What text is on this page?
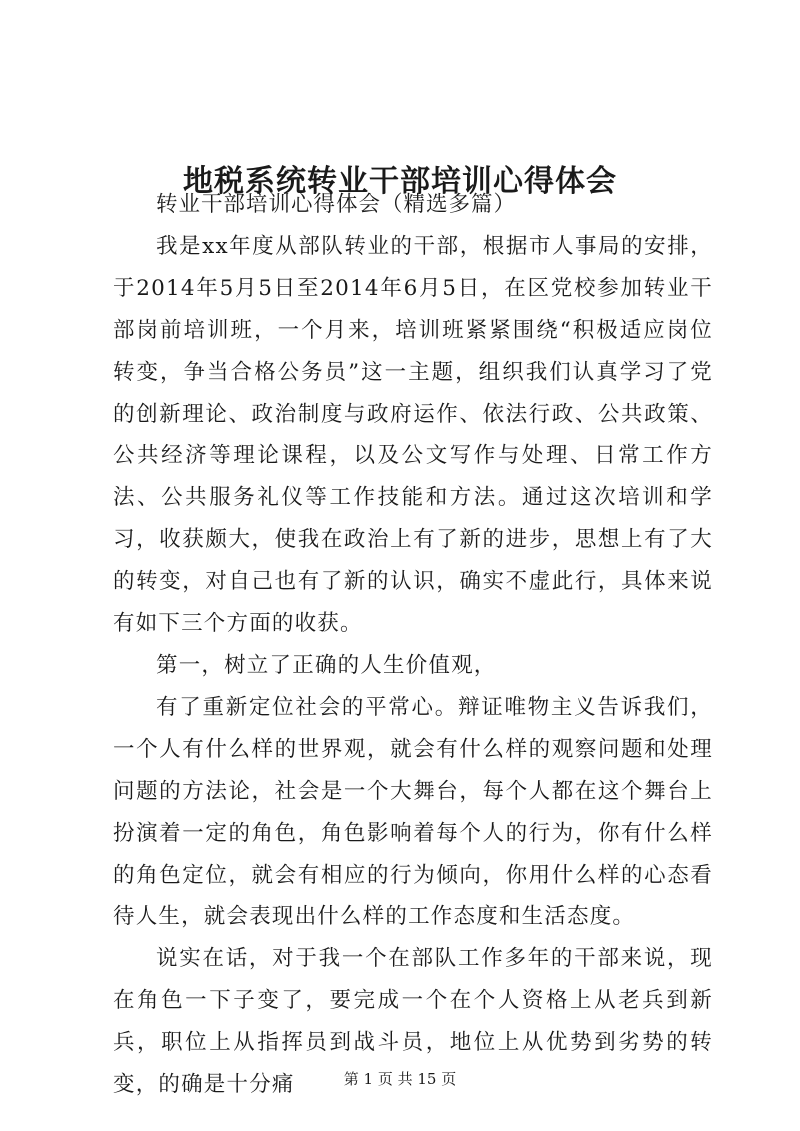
地税系统转业干部培训心得体会

转业干部培训心得体会（精选多篇）

我是xx年度从部队转业的干部，根据市人事局的安排，于2014年5月5日至2014年6月5日，在区党校参加转业干部岗前培训班，一个月来，培训班紧紧围绕“积极适应岗位转变，争当合格公务员”这一主题，组织我们认真学习了党的创新理论、政治制度与政府运作、依法行政、公共政策、公共经济等理论课程，以及公文写作与处理、日常工作方法、公共服务礼仪等工作技能和方法。通过这次培训和学习，收获颇大，使我在政治上有了新的进步，思想上有了大的转变，对自己也有了新的认识，确实不虚此行，具体来说有如下三个方面的收获。

第一，树立了正确的人生价值观，

有了重新定位社会的平常心。辩证唯物主义告诉我们，一个人有什么样的世界观，就会有什么样的观察问题和处理问题的方法论，社会是一个大舞台，每个人都在这个舞台上扮演着一定的角色，角色影响着每个人的行为，你有什么样的角色定位，就会有相应的行为倾向，你用什么样的心态看待人生，就会表现出什么样的工作态度和生活态度。

说实在话，对于我一个在部队工作多年的干部来说，现在角色一下子变了，要完成一个在个人资格上从老兵到新兵，职位上从指挥员到战斗员，地位上从优势到劣势的转变，的确是十分痛	第 1 页 共 15 页
